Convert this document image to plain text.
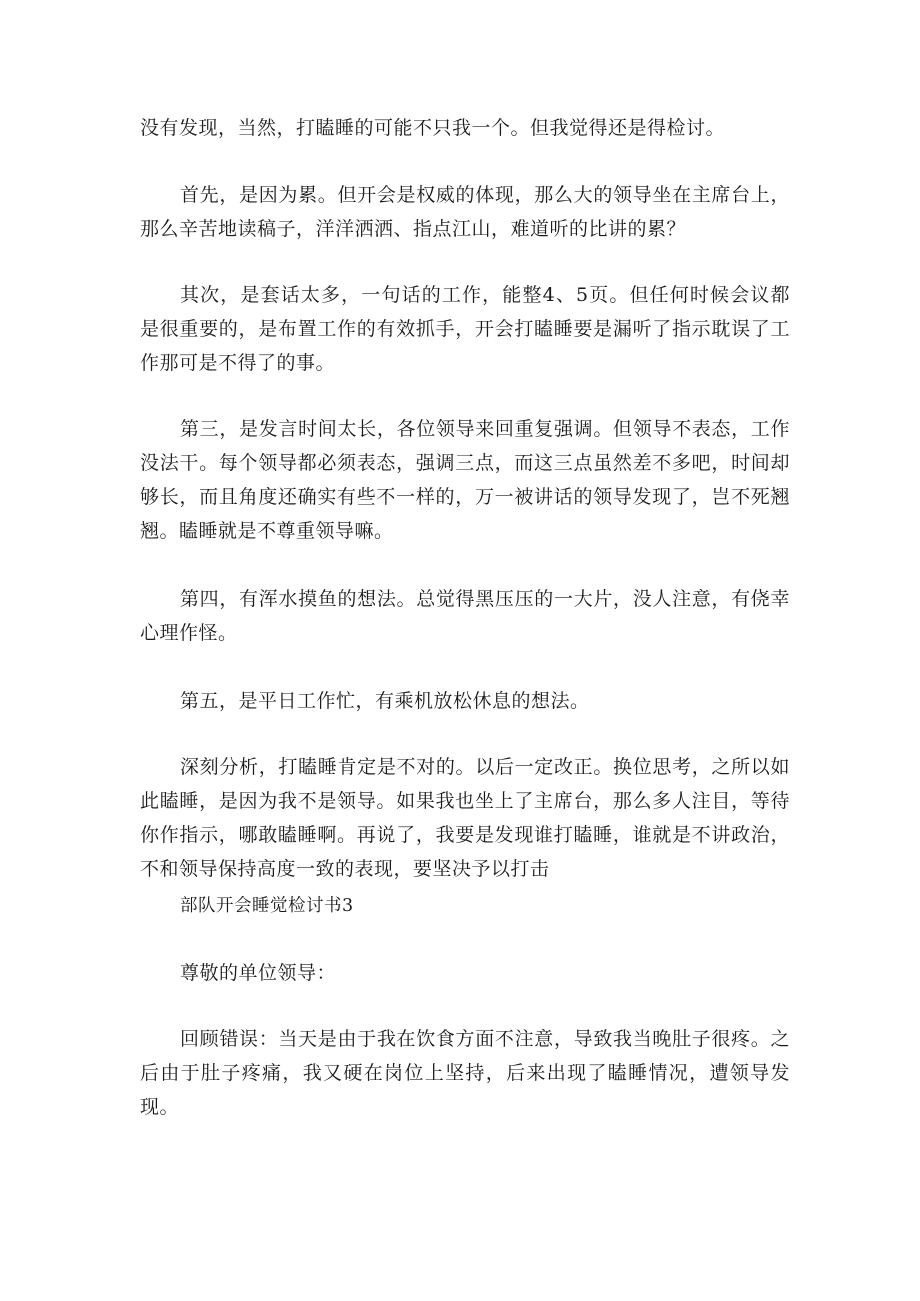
没有发现，当然，打瞌睡的可能不只我一个。但我觉得还是得检讨。

首先，是因为累。但开会是权威的体现，那么大的领导坐在主席台上，那么辛苦地读稿子，洋洋洒洒、指点江山，难道听的比讲的累？

其次，是套话太多，一句话的工作，能整4、5页。但任何时候会议都是很重要的，是布置工作的有效抓手，开会打瞌睡要是漏听了指示耽误了工作那可是不得了的事。

第三，是发言时间太长，各位领导来回重复强调。但领导不表态，工作没法干。每个领导都必须表态，强调三点，而这三点虽然差不多吧，时间却够长，而且角度还确实有些不一样的，万一被讲话的领导发现了，岂不死翘翘。瞌睡就是不尊重领导嘛。

第四，有浑水摸鱼的想法。总觉得黑压压的一大片，没人注意，有侥幸心理作怪。

第五，是平日工作忙，有乘机放松休息的想法。

深刻分析，打瞌睡肯定是不对的。以后一定改正。换位思考，之所以如此瞌睡，是因为我不是领导。如果我也坐上了主席台，那么多人注目，等待你作指示，哪敢瞌睡啊。再说了，我要是发现谁打瞌睡，谁就是不讲政治，不和领导保持高度一致的表现，要坚决予以打击

部队开会睡觉检讨书3

尊敬的单位领导：

回顾错误：当天是由于我在饮食方面不注意，导致我当晚肚子很疼。之后由于肚子疼痛，我又硬在岗位上坚持，后来出现了瞌睡情况，遭领导发现。
